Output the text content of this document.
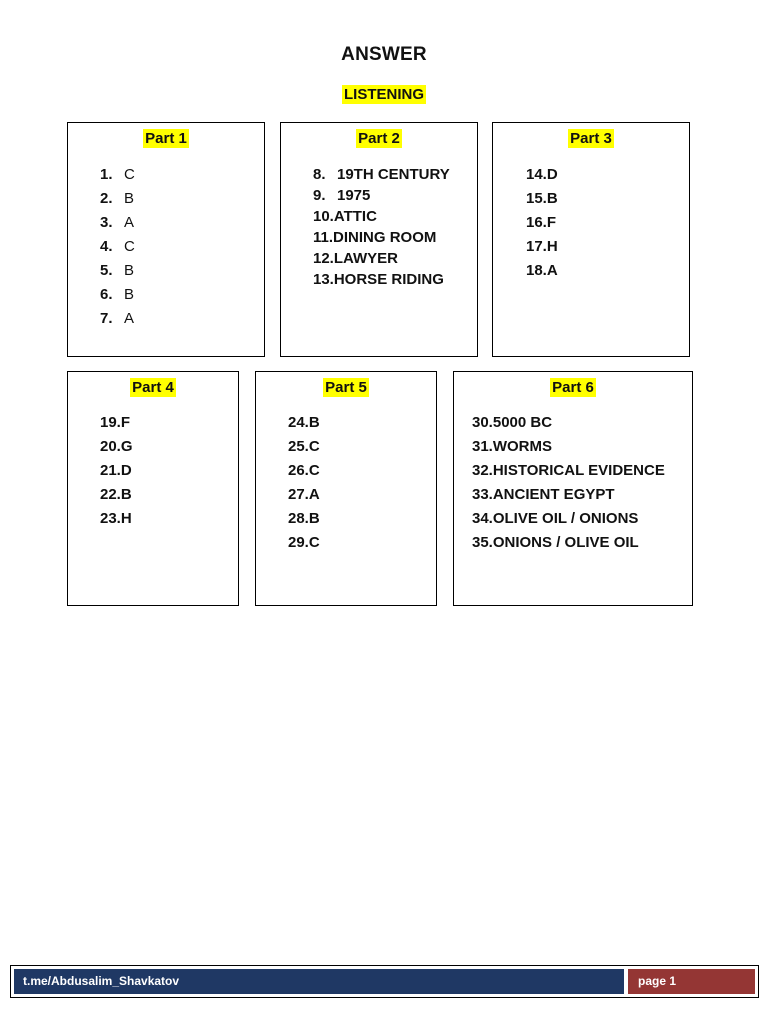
ANSWER
LISTENING
Part 1
1. C
2. B
3. A
4. C
5. B
6. B
7. A
Part 2
8. 19TH CENTURY
9. 1975
10.ATTIC
11.DINING ROOM
12.LAWYER
13.HORSE RIDING
Part 3
14.D
15.B
16.F
17.H
18.A
Part 4
19.F
20.G
21.D
22.B
23.H
Part 5
24.B
25.C
26.C
27.A
28.B
29.C
Part 6
30.5000 BC
31.WORMS
32.HISTORICAL EVIDENCE
33.ANCIENT EGYPT
34.OLIVE OIL / ONIONS
35.ONIONS / OLIVE OIL
t.me/Abdusalim_Shavkatov	page 1
